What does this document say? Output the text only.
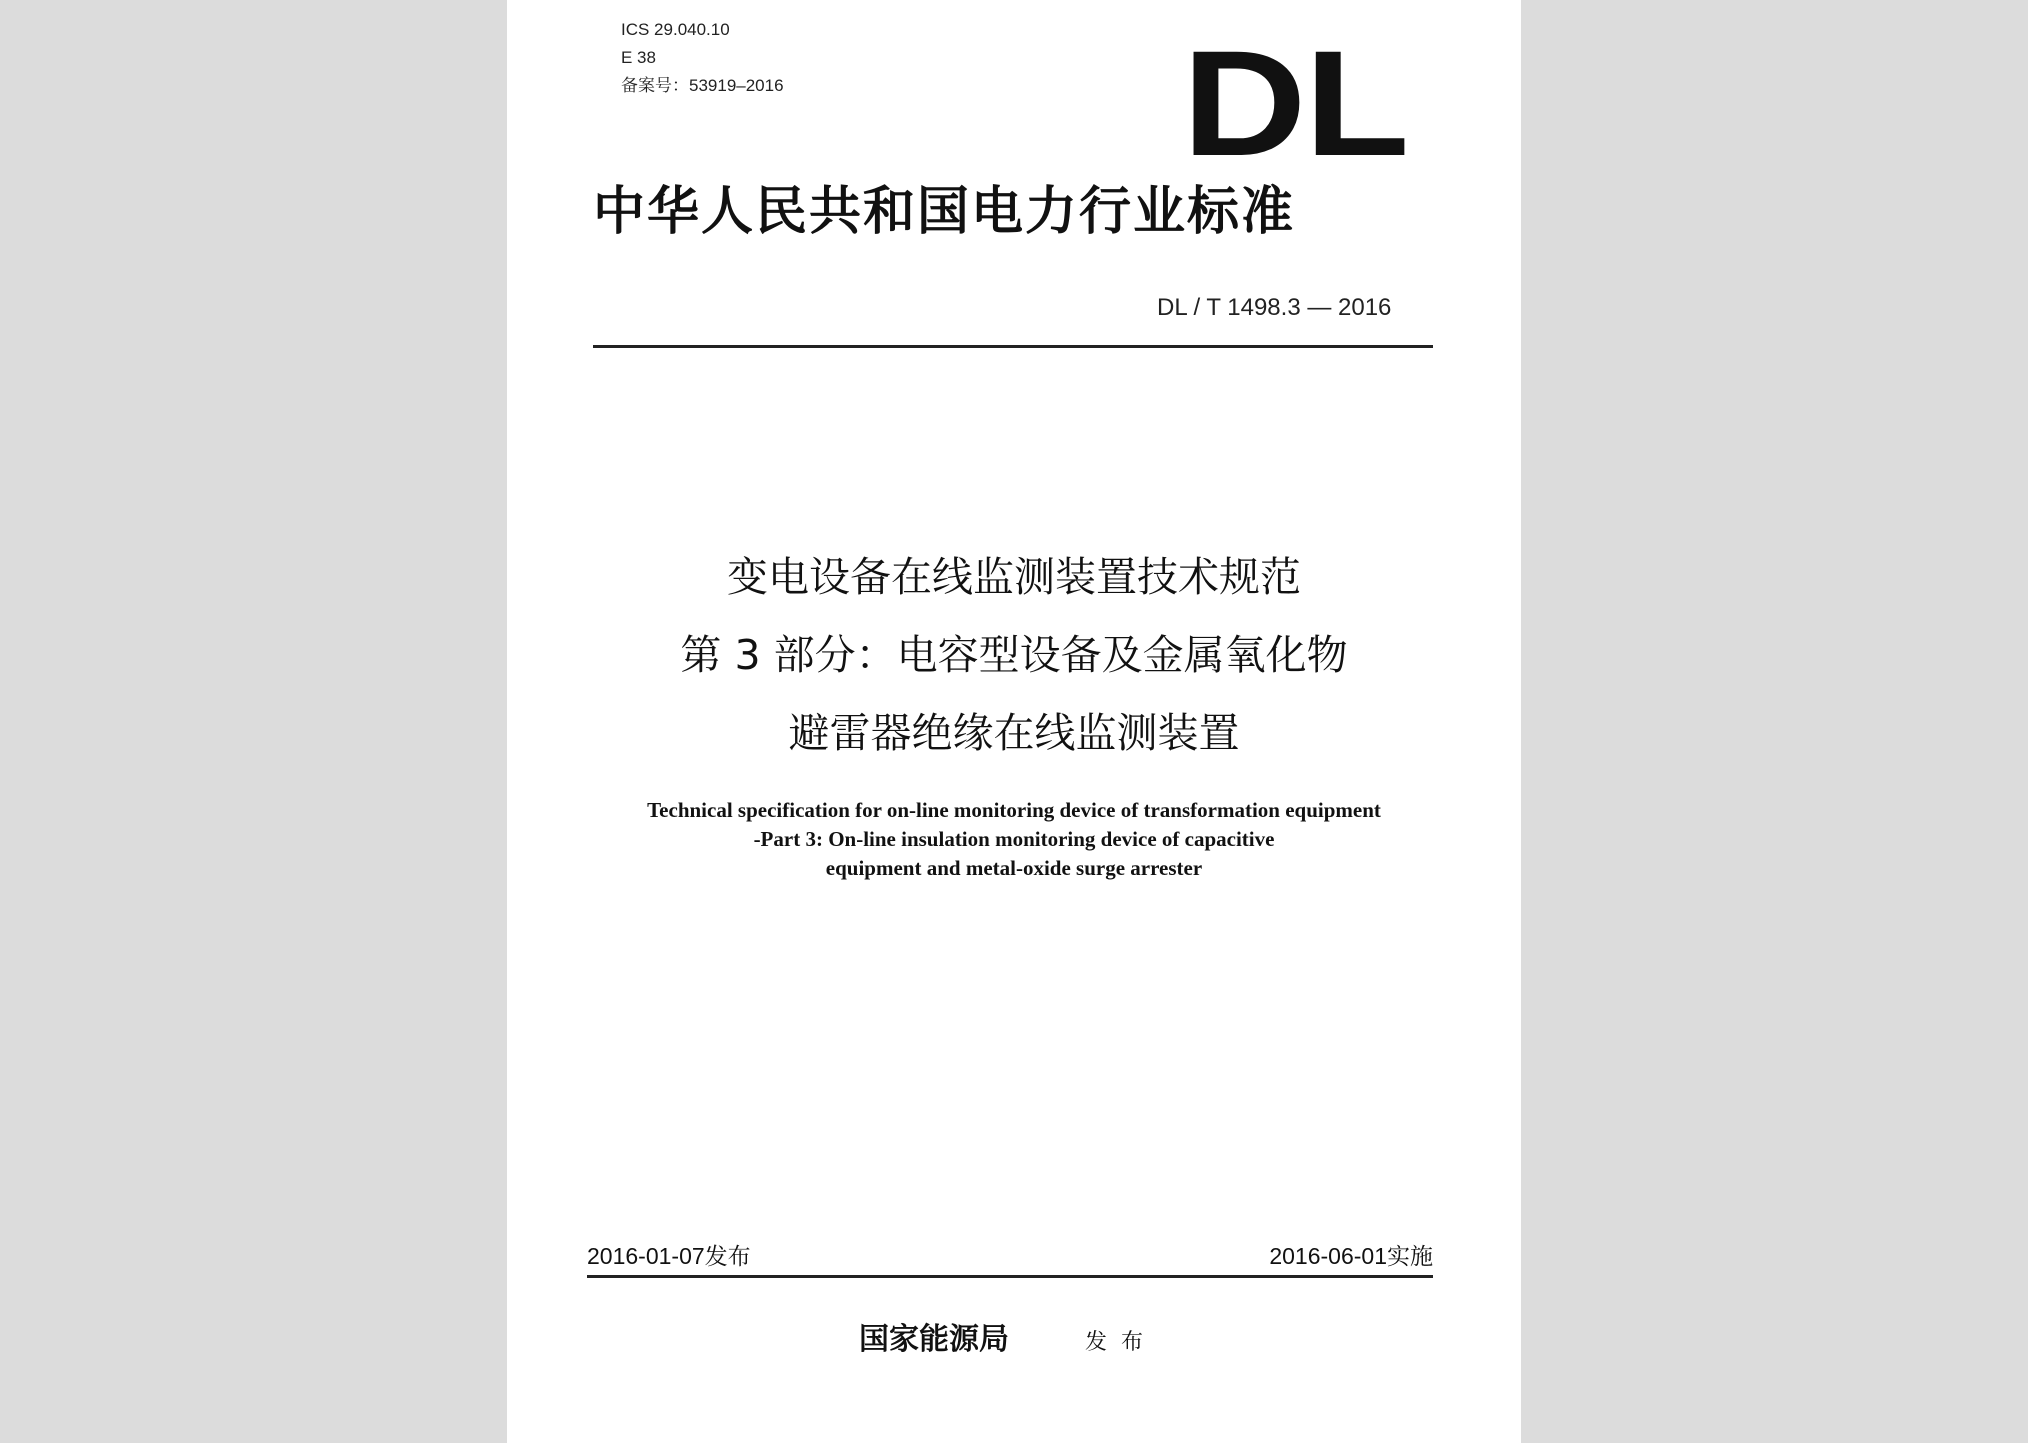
ICS 29.040.10
E 38
备案号：53919–2016	DL
中华人民共和国电力行业标准
DL / T 1498.3 — 2016
变电设备在线监测装置技术规范
第 3 部分：电容型设备及金属氧化物
避雷器绝缘在线监测装置
Technical specification for on-line monitoring device of transformation equipment
-Part 3: On-line insulation monitoring device of capacitive
equipment and metal-oxide surge arrester
2016-01-07发布	2016-06-01实施
国家能源局	发布
